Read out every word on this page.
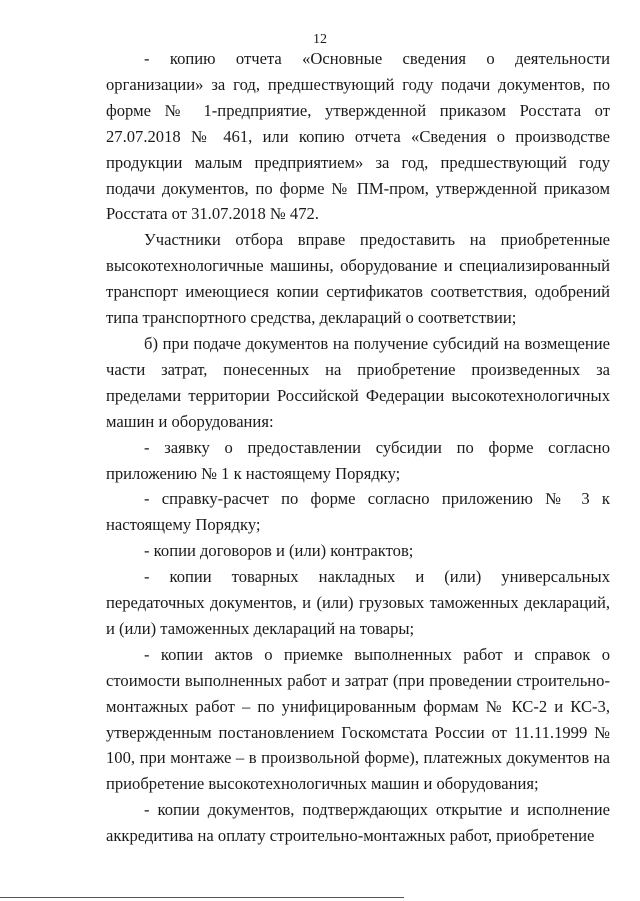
12

- копию отчета «Основные сведения о деятельности организации» за год, предшествующий году подачи документов, по форме № 1-предприятие, утвержденной приказом Росстата от 27.07.2018 № 461, или копию отчета «Сведения о производстве продукции малым предприятием» за год, предшествующий году подачи документов, по форме № ПМ-пром, утвержденной приказом Росстата от 31.07.2018 № 472.

Участники отбора вправе предоставить на приобретенные высокотехнологичные машины, оборудование и специализированный транспорт имеющиеся копии сертификатов соответствия, одобрений типа транспортного средства, деклараций о соответствии;

б) при подаче документов на получение субсидий на возмещение части затрат, понесенных на приобретение произведенных за пределами территории Российской Федерации высокотехнологичных машин и оборудования:

- заявку о предоставлении субсидии по форме согласно приложению № 1 к настоящему Порядку;

- справку-расчет по форме согласно приложению № 3 к настоящему Порядку;

- копии договоров и (или) контрактов;

- копии товарных накладных и (или) универсальных передаточных документов, и (или) грузовых таможенных деклараций, и (или) таможенных деклараций на товары;

- копии актов о приемке выполненных работ и справок о стоимости выполненных работ и затрат (при проведении строительно-монтажных работ – по унифицированным формам № КС-2 и КС-3, утвержденным постановлением Госкомстата России от 11.11.1999 № 100, при монтаже – в произвольной форме), платежных документов на приобретение высокотехнологичных машин и оборудования;

- копии документов, подтверждающих открытие и исполнение аккредитива на оплату строительно-монтажных работ, приобретение
